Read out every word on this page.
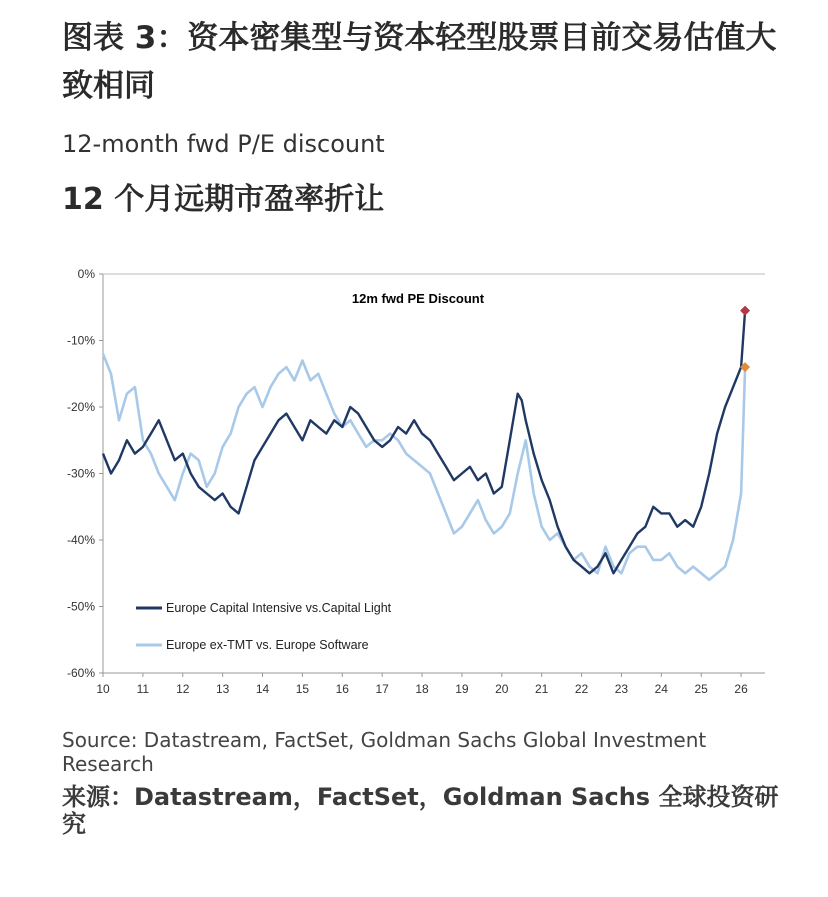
图表 3：资本密集型与资本轻型股票目前交易估值大致相同
12-month fwd P/E discount
12 个月远期市盈率折让
0%
-10%
-20%
-30%
-40%
-50%
-60%
10 11 12 13 14 15 16 17 18 19 20 21 22 23 24 25 26
Europe Capital Intensive vs.Capital Light
Europe ex-TMT vs. Europe Software
12m fwd PE Discount
Source: Datastream, FactSet, Goldman Sachs Global Investment Research
来源：Datastream，FactSet，Goldman Sachs 全球投资研究
